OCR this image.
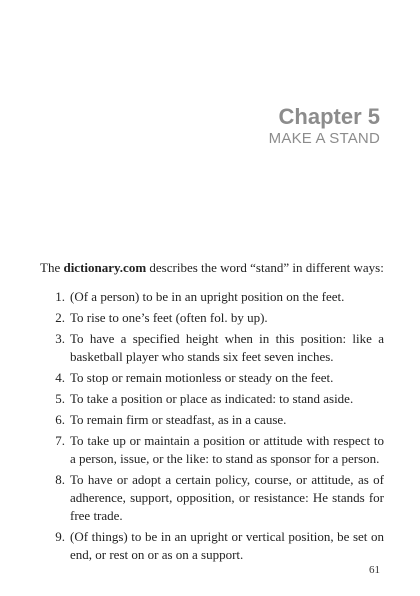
Chapter 5
MAKE A STAND

The dictionary.com describes the word “stand” in different ways:

1. (Of a person) to be in an upright position on the feet.
2. To rise to one’s feet (often fol. by up).
3. To have a specified height when in this position: like a basketball player who stands six feet seven inches.
4. To stop or remain motionless or steady on the feet.
5. To take a position or place as indicated: to stand aside.
6. To remain firm or steadfast, as in a cause.
7. To take up or maintain a position or attitude with respect to a person, issue, or the like: to stand as sponsor for a person.
8. To have or adopt a certain policy, course, or attitude, as of adherence, support, opposition, or resistance: He stands for free trade.
9. (Of things) to be in an upright or vertical position, be set on end, or rest on or as on a support.
61
